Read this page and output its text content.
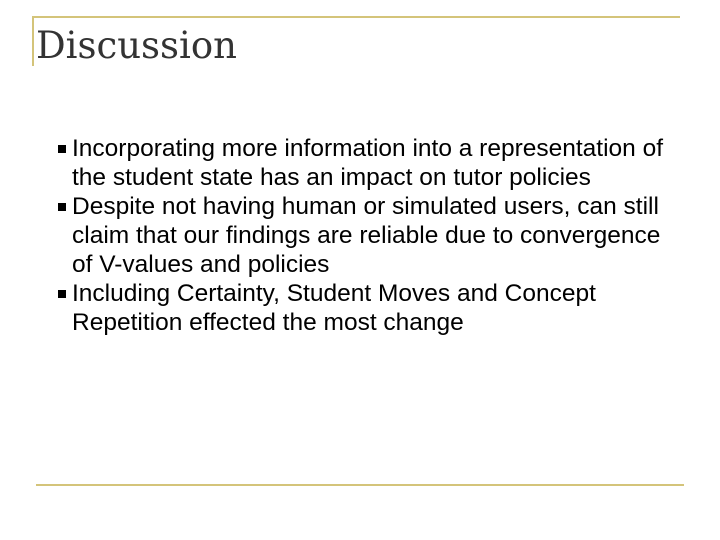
Discussion
Incorporating more information into a representation of the student state has an impact on tutor policies
Despite not having human or simulated users, can still claim that our findings are reliable due to convergence of V-values and policies
Including Certainty, Student Moves and Concept Repetition effected the most change
